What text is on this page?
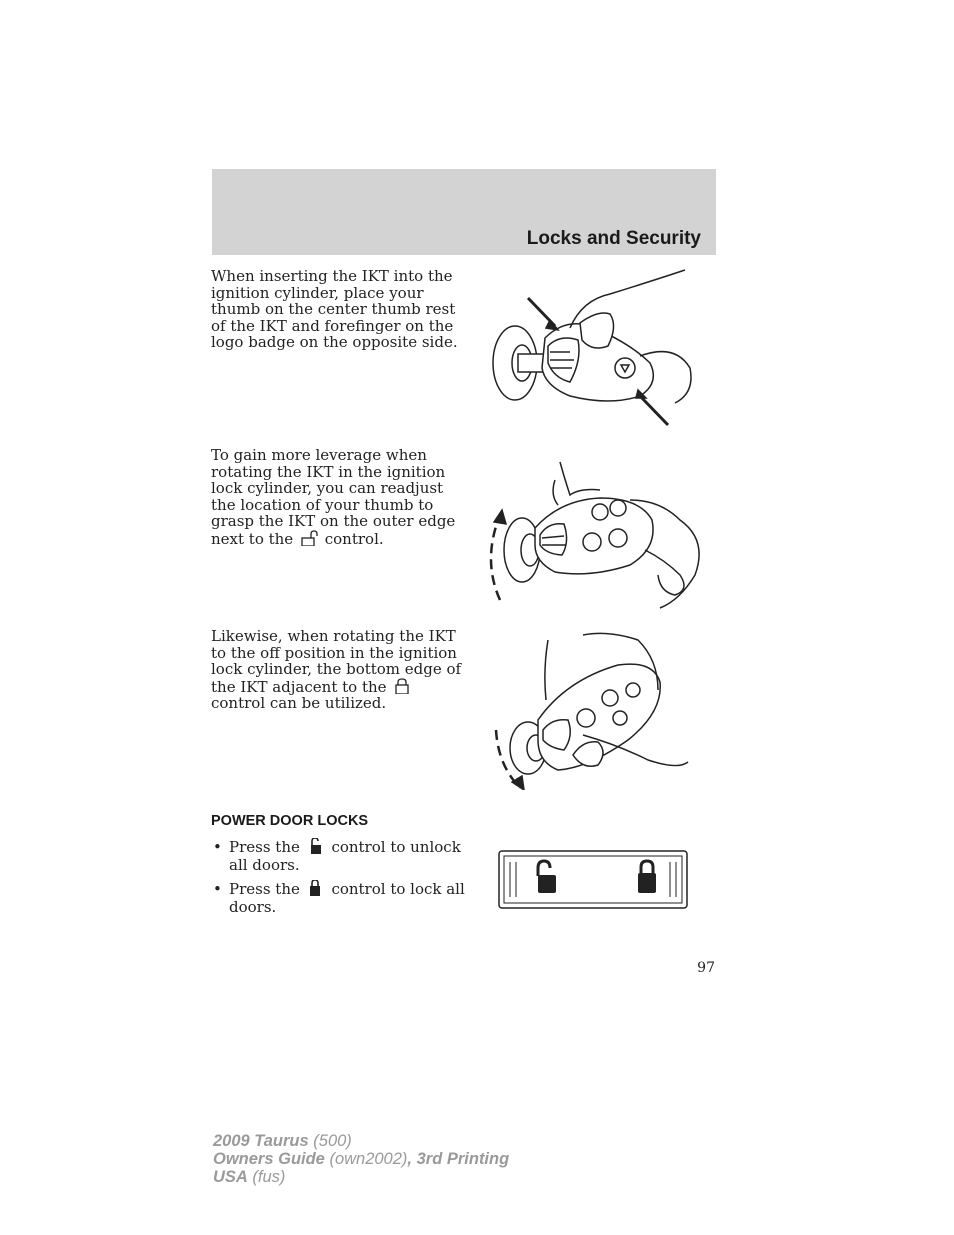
Locks and Security

When inserting the IKT into the ignition cylinder, place your thumb on the center thumb rest of the IKT and forefinger on the logo badge on the opposite side.

To gain more leverage when rotating the IKT in the ignition lock cylinder, you can readjust the location of your thumb to grasp the IKT on the outer edge next to the control.

Likewise, when rotating the IKT to the off position in the ignition lock cylinder, the bottom edge of the IKT adjacent to the  control can be utilized.

POWER DOOR LOCKS
• Press the control to unlock all doors.
• Press the control to lock all doors.

97

2009 Taurus (500)
Owners Guide (own2002), 3rd Printing
USA (fus)
